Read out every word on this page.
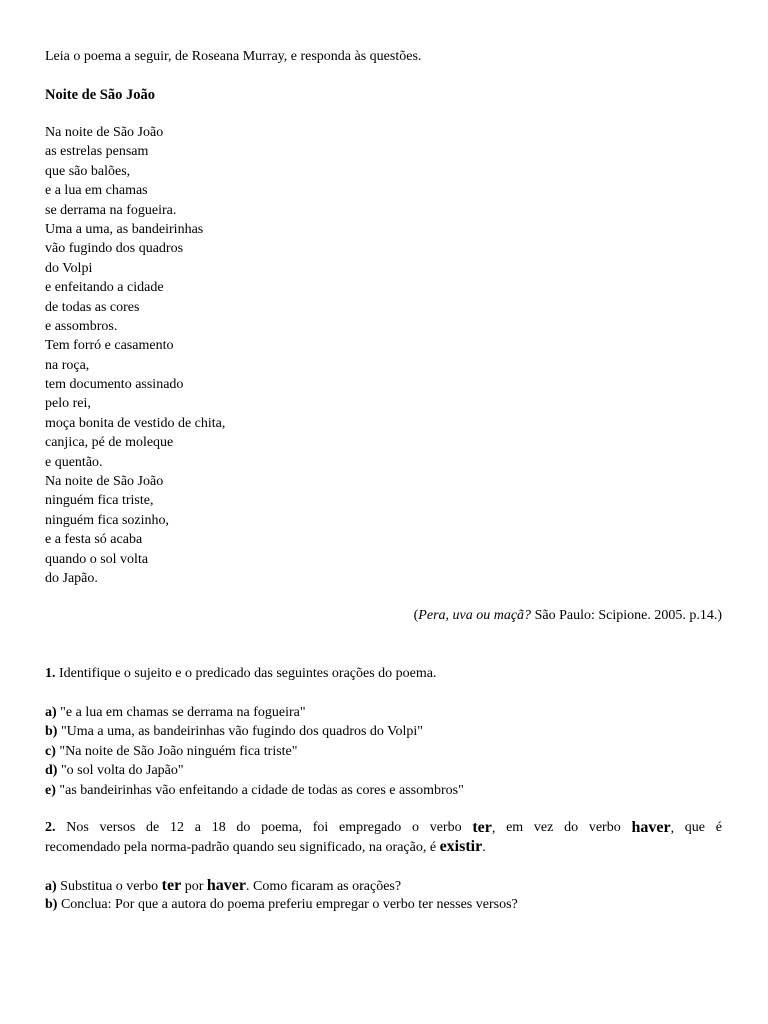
Leia o poema a seguir, de Roseana Murray, e responda às questões.
Noite de São João
Na noite de São João
as estrelas pensam
que são balões,
e a lua em chamas
se derrama na fogueira.
Uma a uma, as bandeirinhas
vão fugindo dos quadros
do Volpi
e enfeitando a cidade
de todas as cores
e assombros.
Tem forró e casamento
na roça,
tem documento assinado
pelo rei,
moça bonita de vestido de chita,
canjica, pé de moleque
e quentão.
Na noite de São João
ninguém fica triste,
ninguém fica sozinho,
e a festa só acaba
quando o sol volta
do Japão.
(Pera, uva ou maçã? São Paulo: Scipione. 2005. p.14.)
1. Identifique o sujeito e o predicado das seguintes orações do poema.
a) "e a lua em chamas se derrama na fogueira"
b) "Uma a uma, as bandeirinhas vão fugindo dos quadros do Volpi"
c) "Na noite de São João ninguém fica triste"
d) "o sol volta do Japão"
e) "as bandeirinhas vão enfeitando a cidade de todas as cores e assombros"
2. Nos versos de 12 a 18 do poema, foi empregado o verbo ter, em vez do verbo haver, que é
recomendado pela norma-padrão quando seu significado, na oração, é existir.
a) Substitua o verbo ter por haver. Como ficaram as orações?
b) Conclua: Por que a autora do poema preferiu empregar o verbo ter nesses versos?
